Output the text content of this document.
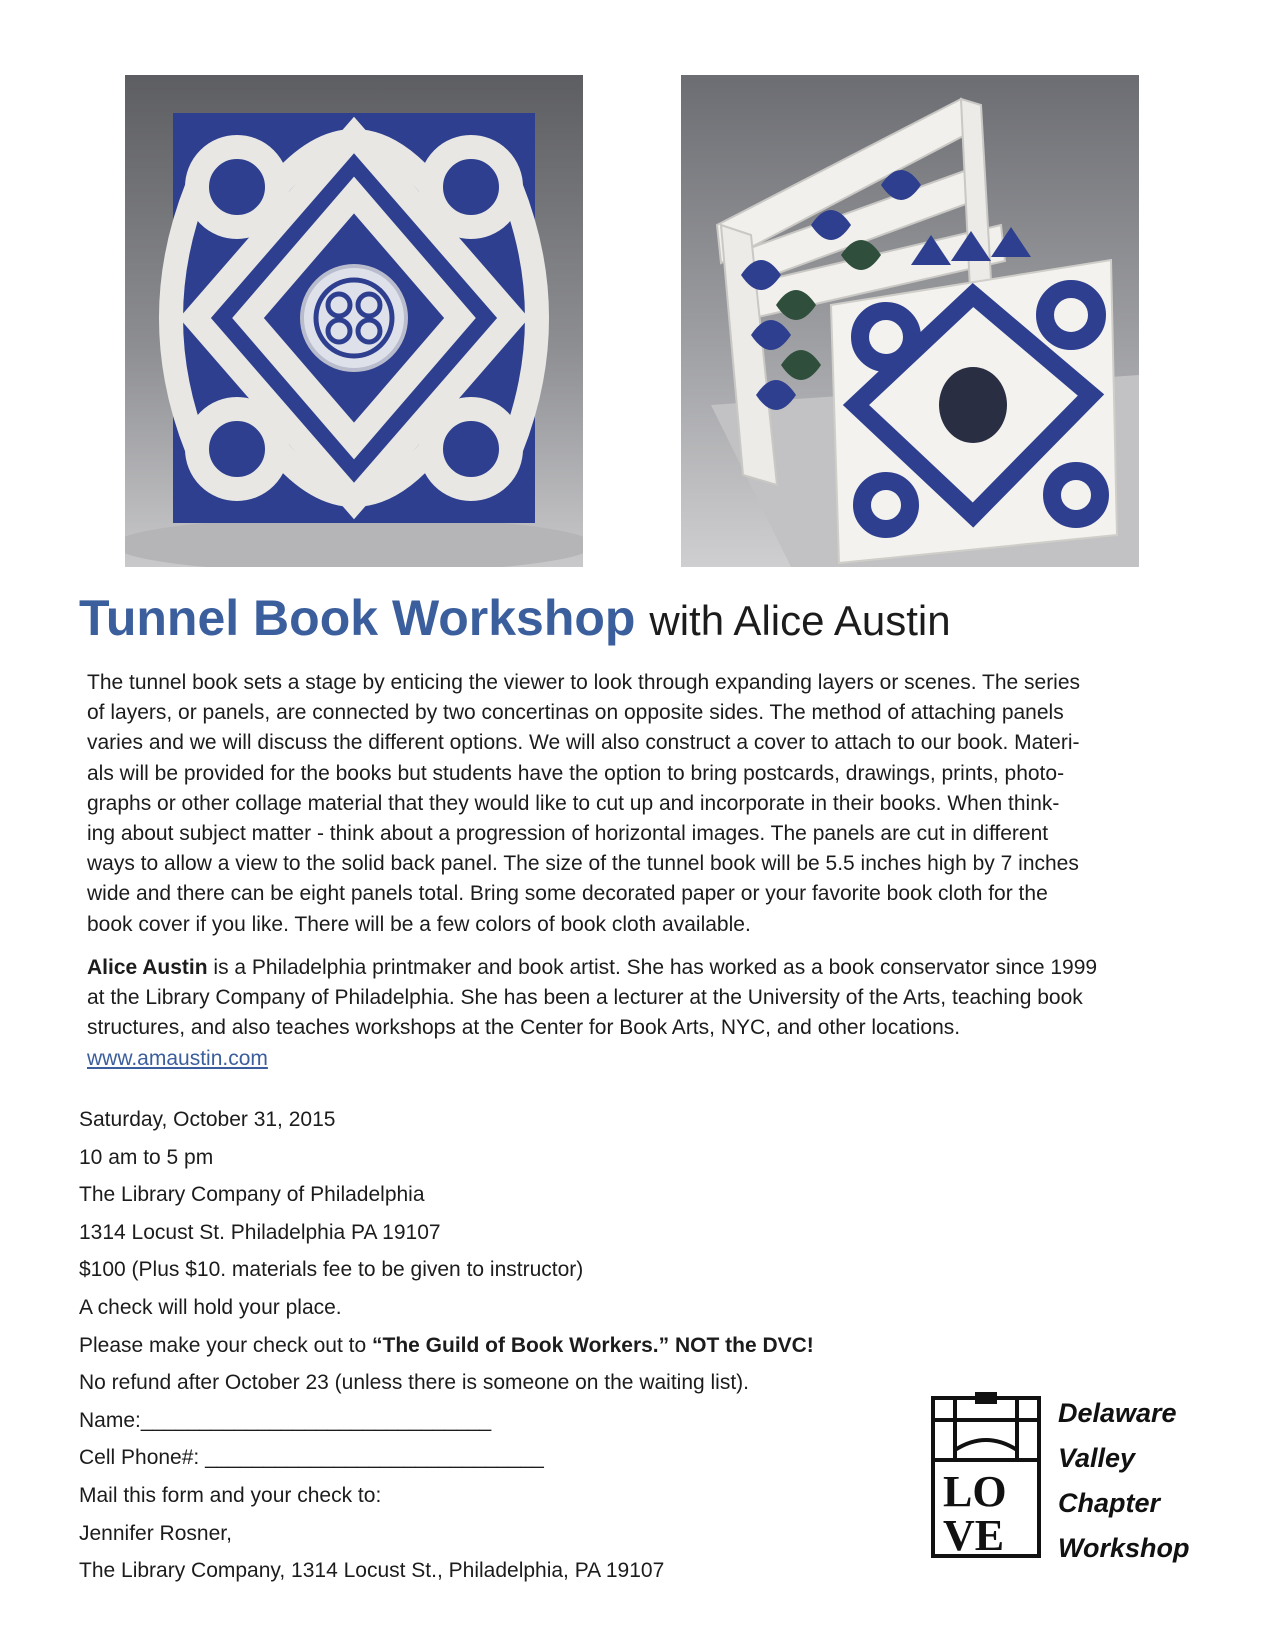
Tunnel Book Workshop with Alice Austin
The tunnel book sets a stage by enticing the viewer to look through expanding layers or scenes. The series
of layers, or panels, are connected by two concertinas on opposite sides. The method of attaching panels
varies and we will discuss the different options. We will also construct a cover to attach to our book. Materi-
als will be provided for the books but students have the option to bring postcards, drawings, prints, photo-
graphs or other collage material that they would like to cut up and incorporate in their books. When think-
ing about subject matter - think about a progression of horizontal images. The panels are cut in different
ways to allow a view to the solid back panel. The size of the tunnel book will be 5.5 inches high by 7 inches
wide and there can be eight panels total. Bring some decorated paper or your favorite book cloth for the
book cover if you like. There will be a few colors of book cloth available.
Alice Austin is a Philadelphia printmaker and book artist. She has worked as a book conservator since 1999
at the Library Company of Philadelphia. She has been a lecturer at the University of the Arts, teaching book
structures, and also teaches workshops at the Center for Book Arts, NYC, and other locations.
www.amaustin.com
Saturday, October 31, 2015
10 am to 5 pm
The Library Company of Philadelphia
1314 Locust St. Philadelphia PA 19107
$100 (Plus $10. materials fee to be given to instructor)
A check will hold your place.
Please make your check out to “The Guild of Book Workers.” NOT the DVC!
No refund after October 23 (unless there is someone on the waiting list).
Name:______________________________
Cell Phone#: _____________________________
Mail this form and your check to:
Jennifer Rosner,
The Library Company, 1314 Locust St., Philadelphia, PA 19107
LO
VE
Delaware
Valley
Chapter
Workshop
